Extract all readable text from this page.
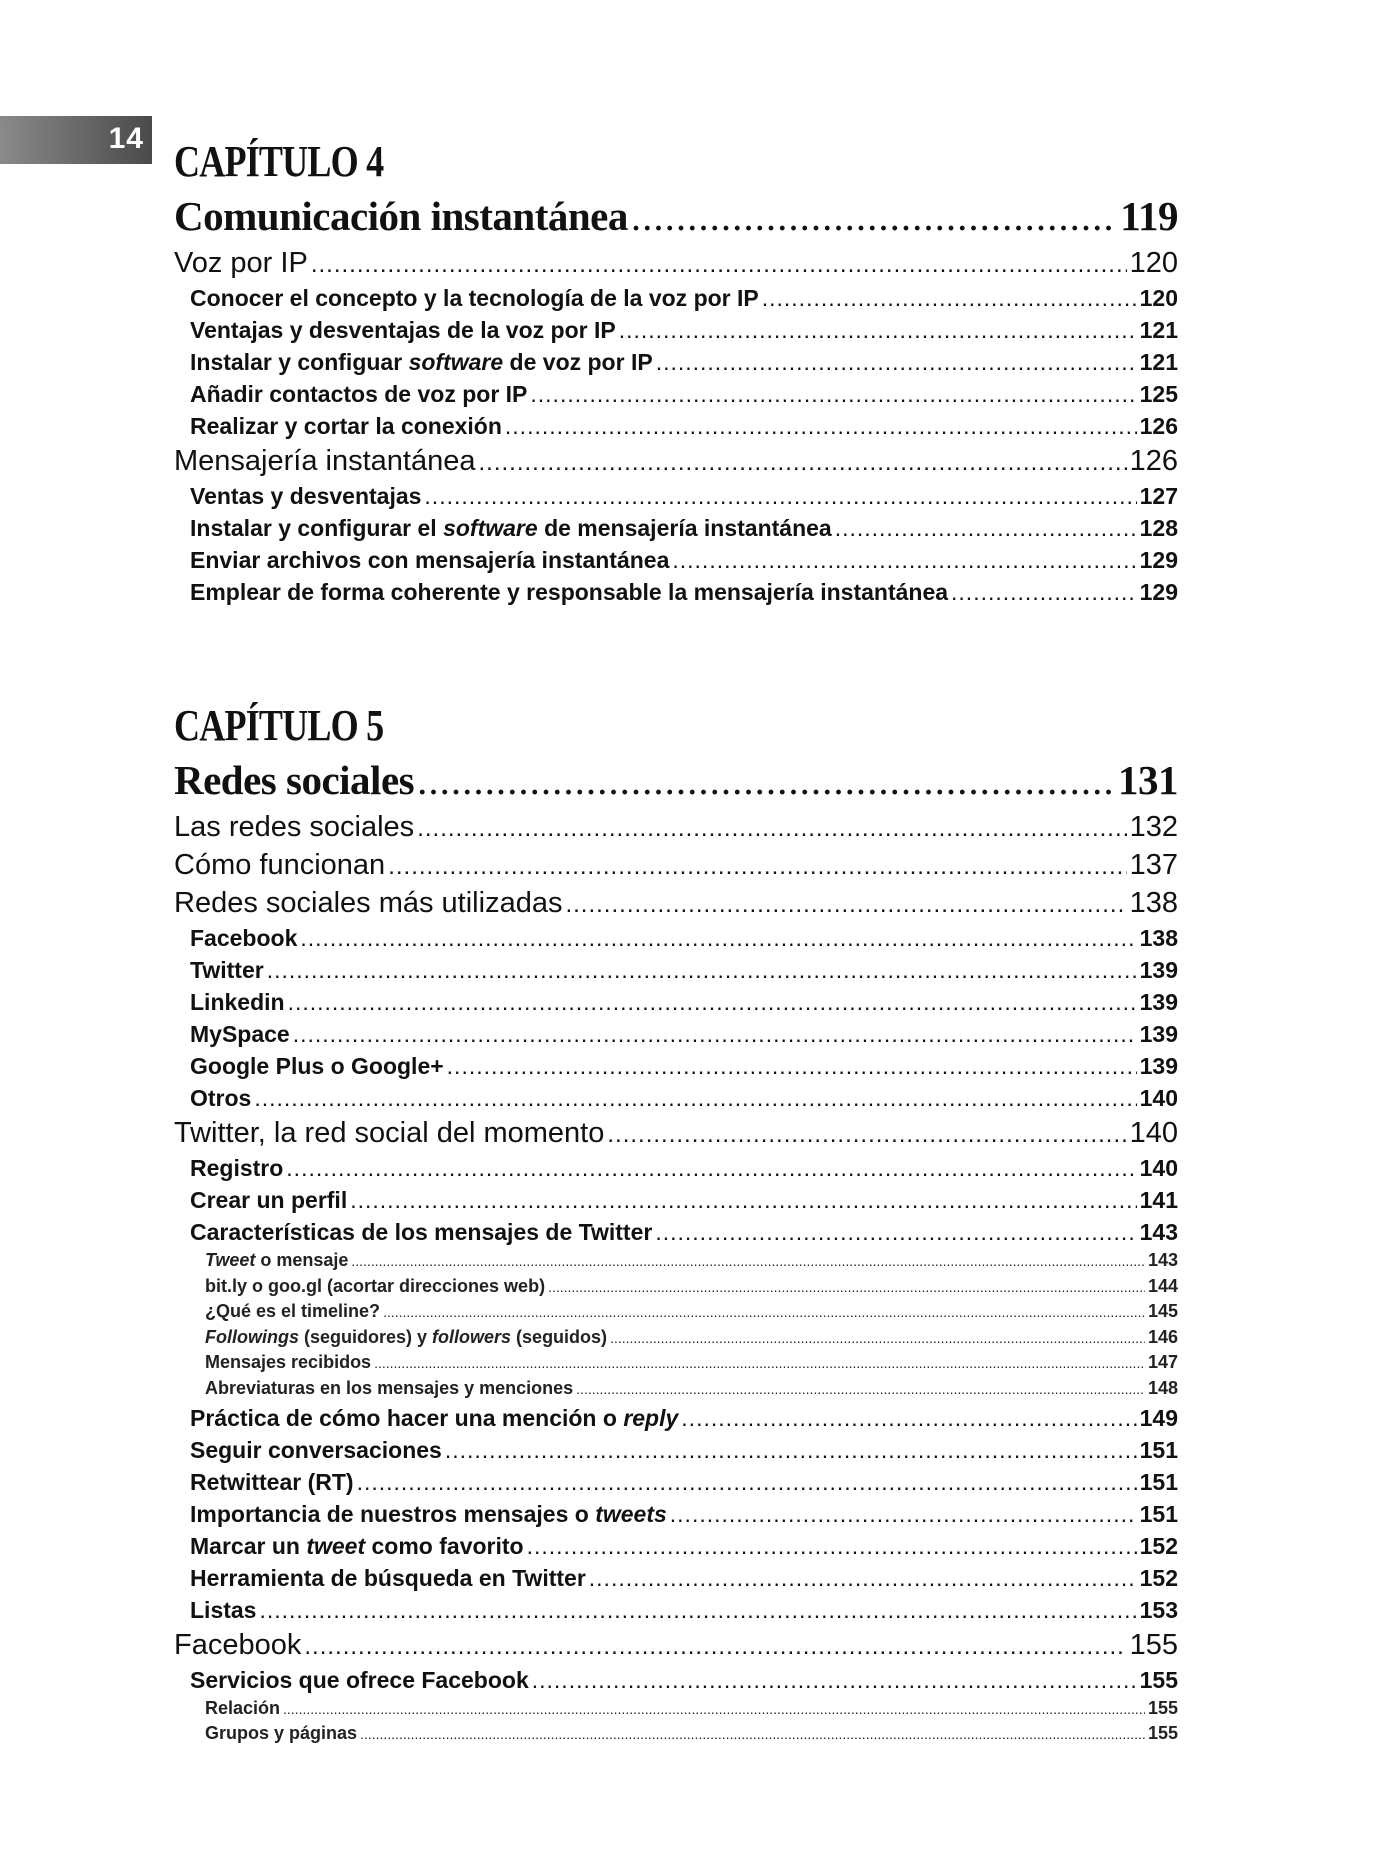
14 CAPÍTULO 4
Comunicación instantánea .....	119
Voz por IP .....	120
Conocer el concepto y la tecnología de la voz por IP .....	120
Ventajas y desventajas de la voz por IP .....	121
Instalar y configuar software de voz por IP .....	121
Añadir contactos de voz por IP .....	125
Realizar y cortar la conexión .....	126
Mensajería instantánea .....	126
Ventas y desventajas .....	127
Instalar y configurar el software de mensajería instantánea .....	128
Enviar archivos con mensajería instantánea .....	129
Emplear de forma coherente y responsable la mensajería instantánea .....	129
CAPÍTULO 5
Redes sociales .....	131
Las redes sociales .....	132
Cómo funcionan .....	137
Redes sociales más utilizadas .....	138
Facebook .....	138
Twitter .....	139
Linkedin .....	139
MySpace .....	139
Google Plus o Google+ .....	139
Otros .....	140
Twitter, la red social del momento .....	140
Registro .....	140
Crear un perfil .....	141
Características de los mensajes de Twitter .....	143
Tweet o mensaje .....	143
bit.ly o goo.gl (acortar direcciones web) .....	144
¿Qué es el timeline? .....	145
Followings (seguidores) y followers (seguidos) .....	146
Mensajes recibidos .....	147
Abreviaturas en los mensajes y menciones .....	148
Práctica de cómo hacer una mención o reply .....	149
Seguir conversaciones .....	151
Retwittear (RT) .....	151
Importancia de nuestros mensajes o tweets .....	151
Marcar un tweet como favorito .....	152
Herramienta de búsqueda en Twitter .....	152
Listas .....	153
Facebook .....	155
Servicios que ofrece Facebook .....	155
Relación .....	155
Grupos y páginas .....	155
